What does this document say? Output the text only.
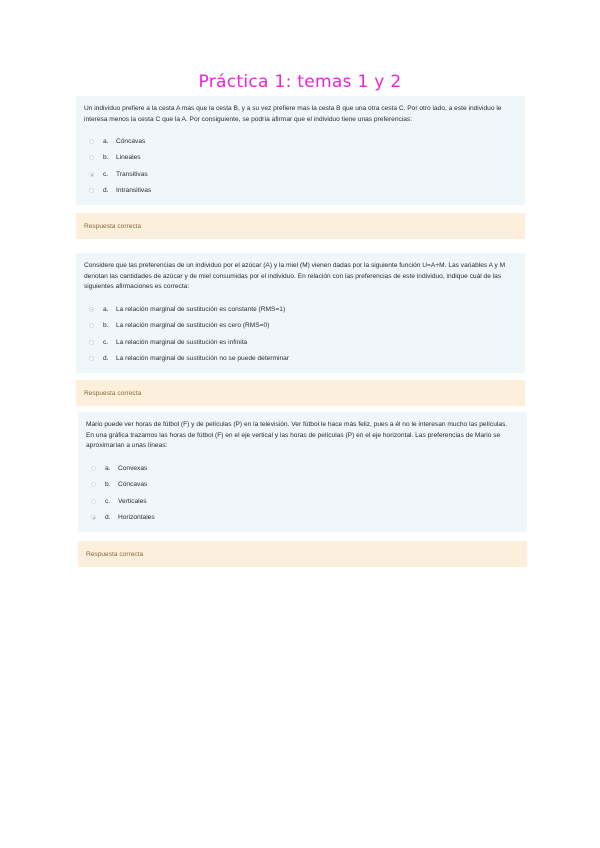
Práctica 1: temas 1 y 2

Un individuo prefiere a la cesta A mas que la cesta B, y a su vez prefiere mas la cesta B que una otra cesta C. Por otro lado, a este individuo le interesa menos la cesta C que la A. Por consiguiente, se podría afirmar que el individuo tiene unas preferencias:

a.	Cóncavas
b.	Lineales
c.	Transitivas
d.	Intransitivas
Respuesta correcta

Considere que las preferencias de un individuo por el azúcar (A) y la miel (M) vienen dadas por la siguiente función U=A+M. Las variables A y M denotan las cantidades de azúcar y de miel consumidas por el individuo. En relación con las preferencias de este individuo, indique cuál de las siguientes afirmaciones es correcta:

a.	La relación marginal de sustitución es constante (RMS=1)
b.	La relación marginal de sustitución es cero (RMS=0)
c.	La relación marginal de sustitución es infinita
d.	La relación marginal de sustitución no se puede determinar
Respuesta correcta

Mario puede ver horas de fútbol (F) y de películas (P) en la televisión. Ver fútbol le hace más feliz, pues a él no le interesan mucho las películas. En una gráfica trazamos las horas de fútbol (F) en el eje vertical y las horas de películas (P) en el eje horizontal. Las preferencias de Mario se aproximarían a unas líneas:

a.	Convexas
b.	Cóncavas
c.	Verticales
d.	Horizontales
Respuesta correcta
